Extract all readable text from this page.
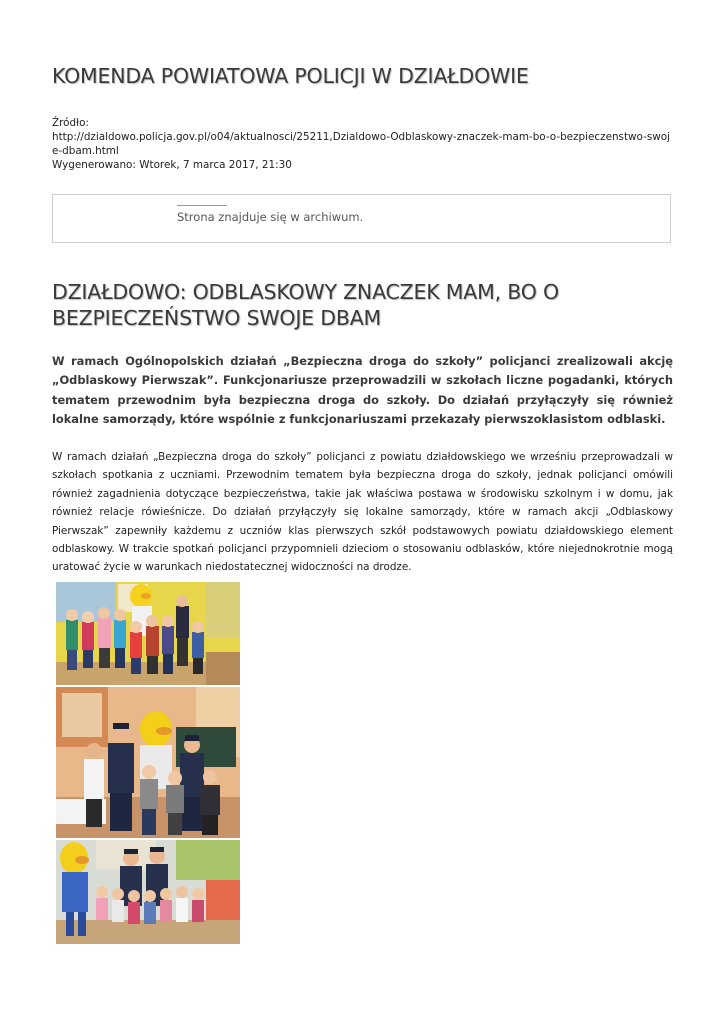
KOMENDA POWIATOWA POLICJI W DZIAŁDOWIE
Źródło:
http://dzialdowo.policja.gov.pl/o04/aktualnosci/25211,Dzialdowo-Odblaskowy-znaczek-mam-bo-o-bezpieczenstwo-swoje-dbam.html
Wygenerowano: Wtorek, 7 marca 2017, 21:30
Strona znajduje się w archiwum.
DZIAŁDOWO: ODBLASKOWY ZNACZEK MAM, BO O BEZPIECZEŃSTWO SWOJE DBAM

W ramach Ogólnopolskich działań „Bezpieczna droga do szkoły” policjanci zrealizowali akcję „Odblaskowy Pierwszak”. Funkcjonariusze przeprowadzili w szkołach liczne pogadanki, których tematem przewodnim była bezpieczna droga do szkoły. Do działań przyłączyły się również lokalne samorządy, które wspólnie z funkcjonariuszami przekazały pierwszoklasistom odblaski.

W ramach działań „Bezpieczna droga do szkoły” policjanci z powiatu działdowskiego we wrześniu przeprowadzali w szkołach spotkania z uczniami. Przewodnim tematem była bezpieczna droga do szkoły, jednak policjanci omówili również zagadnienia dotyczące bezpieczeństwa, takie jak właściwa postawa w środowisku szkolnym i w domu, jak również relacje rówieśnicze. Do działań przyłączyły się lokalne samorządy, które w ramach akcji „Odblaskowy Pierwszak” zapewniły każdemu z uczniów klas pierwszych szkół podstawowych powiatu działdowskiego element odblaskowy. W trakcie spotkań policjanci przypomnieli dzieciom o stosowaniu odblasków, które niejednokrotnie mogą uratować życie w warunkach niedostatecznej widoczności na drodze.
